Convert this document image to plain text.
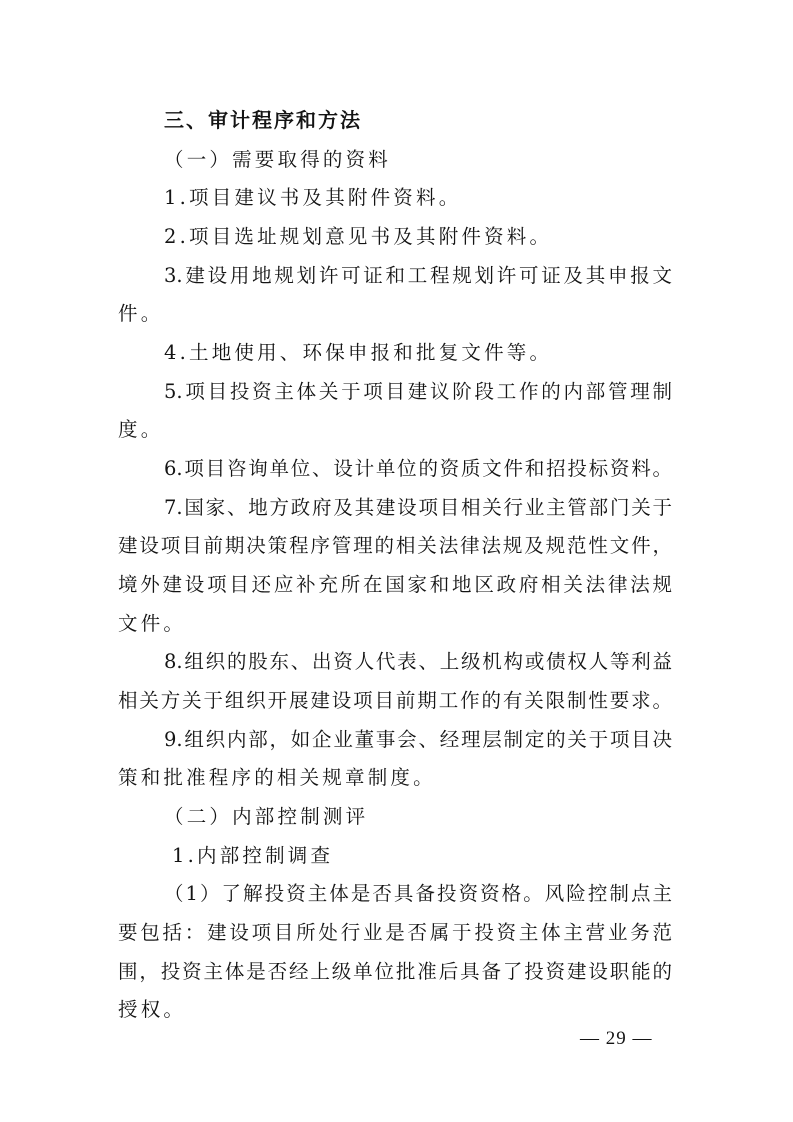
三、审计程序和方法
（一）需要取得的资料
1.项目建议书及其附件资料。
2.项目选址规划意见书及其附件资料。
3.建设用地规划许可证和工程规划许可证及其申报文
件。
4.土地使用、环保申报和批复文件等。
5.项目投资主体关于项目建议阶段工作的内部管理制
度。
6.项目咨询单位、设计单位的资质文件和招投标资料。
7.国家、地方政府及其建设项目相关行业主管部门关于
建设项目前期决策程序管理的相关法律法规及规范性文件，
境外建设项目还应补充所在国家和地区政府相关法律法规
文件。
8.组织的股东、出资人代表、上级机构或债权人等利益
相关方关于组织开展建设项目前期工作的有关限制性要求。
9.组织内部，如企业董事会、经理层制定的关于项目决
策和批准程序的相关规章制度。
（二）内部控制测评
1.内部控制调查
（1）了解投资主体是否具备投资资格。风险控制点主
要包括：建设项目所处行业是否属于投资主体主营业务范
围，投资主体是否经上级单位批准后具备了投资建设职能的
授权。
— 29 —
